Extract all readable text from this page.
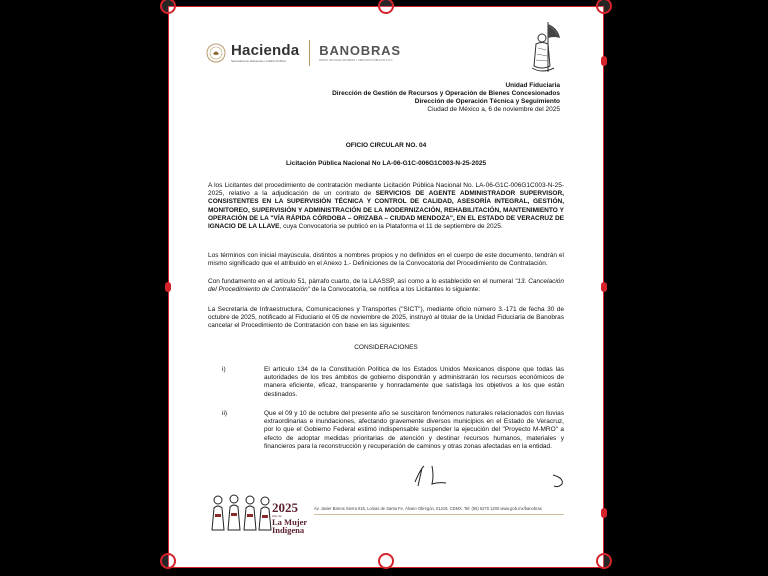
Hacienda
Secretaría de Hacienda y Crédito Público
BANOBRAS
BANCO NACIONAL DE OBRAS Y SERVICIOS PÚBLICOS S.N.C.
Unidad Fiduciaria
Dirección de Gestión de Recursos y Operación de Bienes Concesionados
Dirección de Operación Técnica y Seguimiento
Ciudad de México a, 6 de noviembre del 2025
OFICIO CIRCULAR NO. 04
Licitación Pública Nacional No LA-06-G1C-006G1C003-N-25-2025

A los Licitantes del procedimiento de contratación mediante Licitación Pública Nacional No. LA-06-G1C-006G1C003-N-25-2025, relativo a la adjudicación de un contrato de SERVICIOS DE AGENTE ADMINISTRADOR SUPERVISOR, CONSISTENTES EN LA SUPERVISIÓN TÉCNICA Y CONTROL DE CALIDAD, ASESORÍA INTEGRAL, GESTIÓN, MONITOREO, SUPERVISIÓN Y ADMINISTRACIÓN DE LA MODERNIZACIÓN, REHABILITACIÓN, MANTENIMIENTO Y OPERACIÓN DE LA "VÍA RÁPIDA CÓRDOBA – ORIZABA – CIUDAD MENDOZA", EN EL ESTADO DE VERACRUZ DE IGNACIO DE LA LLAVE, cuya Convocatoria se publicó en la Plataforma el 11 de septiembre de 2025.

Los términos con inicial mayúscula, distintos a nombres propios y no definidos en el cuerpo de este documento, tendrán el mismo significado que el atribuido en el Anexo 1.- Definiciones de la Convocatoria del Procedimiento de Contratación.

Con fundamento en el artículo 51, párrafo cuarto, de la LAASSP, así como a lo establecido en el numeral "13. Cancelación del Procedimiento de Contratación" de la Convocatoria, se notifica a los Licitantes lo siguiente:

La Secretaría de Infraestructura, Comunicaciones y Transportes ("SICT"), mediante oficio número 3.-171 de fecha 30 de octubre de 2025, notificado al Fiduciario el 05 de noviembre de 2025, instruyó al titular de la Unidad Fiduciaria de Banobras cancelar el Procedimiento de Contratación con base en las siguientes:

CONSIDERACIONES
i)	El artículo 134 de la Constitución Política de los Estados Unidos Mexicanos dispone que todas las autoridades de los tres ámbitos de gobierno dispondrán y administrarán los recursos económicos de manera eficiente, eficaz, transparente y honradamente que satisfaga los objetivos a los que están destinados.
ii)	Que el 09 y 10 de octubre del presente año se suscitaron fenómenos naturales relacionados con lluvias extraordinarias e inundaciones, afectando gravemente diversos municipios en el Estado de Veracruz, por lo que el Gobierno Federal estimó indispensable suspender la ejecución del "Proyecto M-MRO" a efecto de adoptar medidas prioritarias de atención y destinar recursos humanos, materiales y financieros para la reconstrucción y recuperación de caminos y otras zonas afectadas en la entidad.
2025
Año de
La Mujer
Indígena
Av. Javier Barros Sierra 515, Lomas de Santa Fe, Álvaro Obregón, 01219, CDMX. Tel: (55) 5270 1200 www.gob.mx/banobras
